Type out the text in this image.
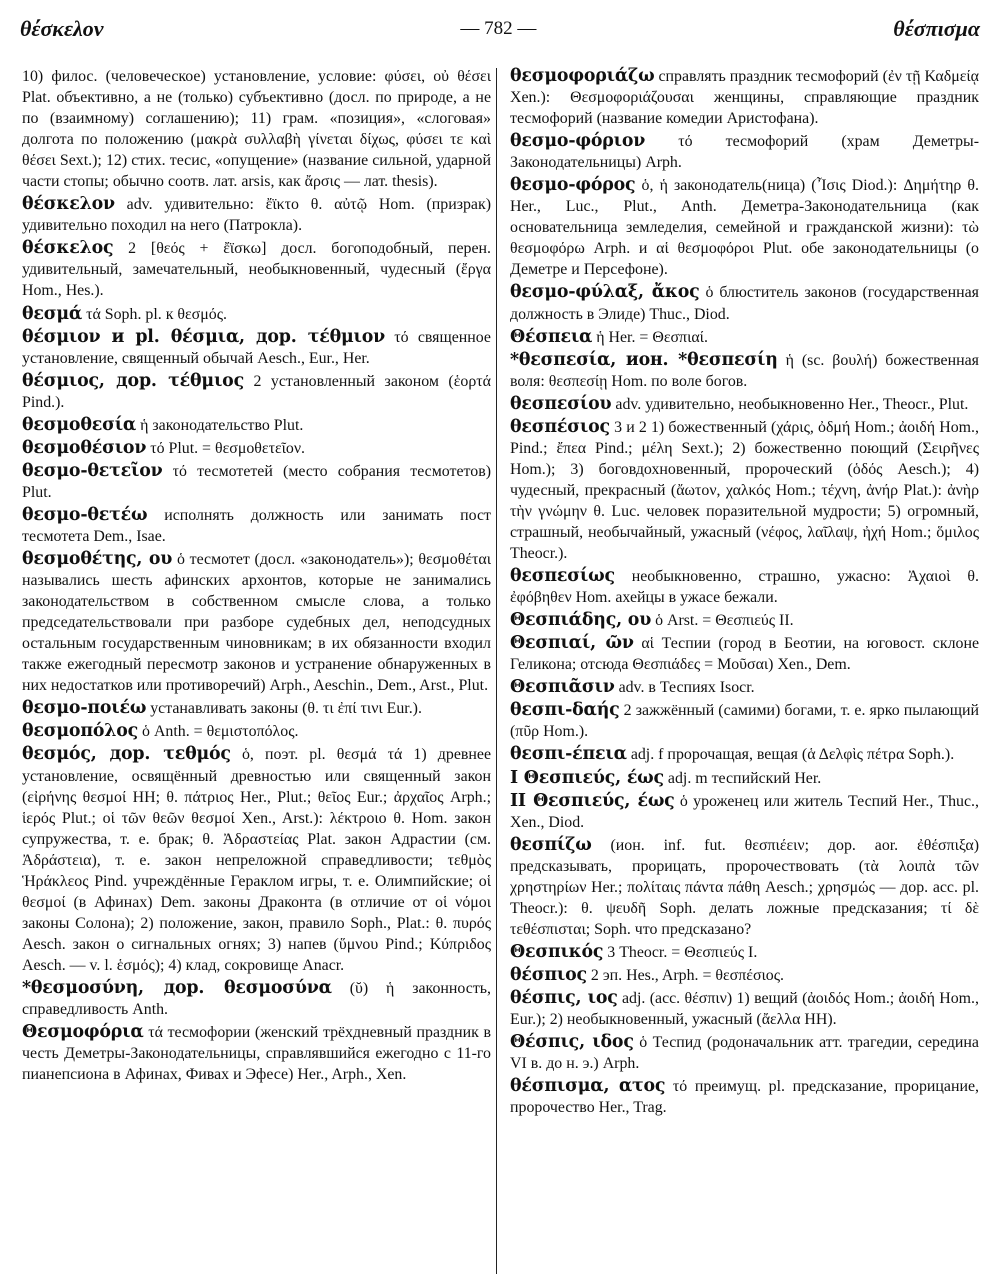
θέσκελον	— 782 —	θέσπισμα

10) филос. (человеческое) установление, условие: φύσει, οὐ θέσει Plat. объективно, а не (только) субъективно (досл. по природе, а не по (взаимному) соглашению); 11) грам. «позиция», «слоговая» долгота по положению (μακρὰ συλλαβὴ γίνεται δίχως, φύσει τε καὶ θέσει Sext.); 12) стих. тесис, «опущение» (название сильной, ударной части стопы; обычно соотв. лат. arsis, как ἄρσις — лат. thesis).

θέσκελον adv. удивительно: ἔϊκτο θ. αὐτῷ Hom. (призрак) удивительно походил на него (Патрокла).

θέσκελος 2 [θεός + ἔϊσκω] досл. богоподобный, перен. удивительный, замечательный, необыкновенный, чудесный (ἔργα Hom., Hes.).

θεσμά τά Soph. pl. к θεσμός.

θέσμιον и pl. θέσμια, дор. τέθμιον τό священное установление, священный обычай Aesch., Eur., Her.

θέσμιος, дор. τέθμιος 2 установленный законом (ἑορτά Pind.).

θεσμοθεσία ἡ законодательство Plut.

θεσμοθέσιον τό Plut. = θεσμοθετεῖον.

θεσμο-θετεῖον τό тесмотетей (место собрания тесмотетов) Plut.

θεσμο-θετέω исполнять должность или занимать пост тесмотета Dem., Isae.

θεσμοθέτης, ου ὁ тесмотет (досл. «законодатель»); θεσμοθέται назывались шесть афинских архонтов, которые не занимались законодательством в собственном смысле слова, а только председательствовали при разборе судебных дел, неподсудных остальным государственным чиновникам; в их обязанности входил также ежегодный пересмотр законов и устранение обнаруженных в них недостатков или противоречий) Arph., Aeschin., Dem., Arst., Plut.

θεσμο-ποιέω устанавливать законы (θ. τι ἐπί τινι Eur.).

θεσμοπόλος ὁ Anth. = θεμιστοπόλος.

θεσμός, дор. τεθμός ὁ, поэт. pl. θεσμά τά 1) древнее установление, освящённый древностью или священный закон (εἰρήνης θεσμοί HH; θ. πάτριος Her., Plut.; θεῖος Eur.; ἀρχαῖος Arph.; ἱερός Plut.; οἱ τῶν θεῶν θεσμοί Xen., Arst.): λέκτροιο θ. Hom. закон супружества, т. е. брак; θ. Ἀδραστείας Plat. закон Адрастии (см. Ἀδράστεια), т. е. закон непреложной справедливости; τεθμὸς Ἡράκλεος Pind. учреждённые Гераклом игры, т. е. Олимпийские; οἱ θεσμοί (в Афинах) Dem. законы Драконта (в отличие от οἱ νόμοι законы Солона); 2) положение, закон, правило Soph., Plat.: θ. πυρός Aesch. закон о сигнальных огнях; 3) напев (ὕμνου Pind.; Κύπριδος Aesch. — v. l. ἑσμός); 4) клад, сокровище Anacr.

*θεσμοσύνη, дор. θεσμοσύνα (ῠ) ἡ законность, справедливость Anth.

Θεσμοφόρια τά тесмофории (женский трёхдневный праздник в честь Деметры-Законодательницы, справлявшийся ежегодно с 11-го пианепсиона в Афинах, Фивах и Эфесе) Her., Arph., Xen.

θεσμοφοριάζω справлять праздник тесмофорий (ἐν τῇ Καδμείᾳ Xen.): Θεσμοφοριάζουσαι женщины, справляющие праздник тесмофорий (название комедии Аристофана).

θεσμο-φόριον τό тесмофорий (храм Деметры-Законодательницы) Arph.

θεσμο-φόρος ὁ, ἡ законодатель(ница) (Ἶσις Diod.): Δημήτηρ θ. Her., Luc., Plut., Anth. Деметра-Законодательница (как основательница земледелия, семейной и гражданской жизни): τὼ θεσμοφόρω Arph. и αἱ θεσμοφόροι Plut. обе законодательницы (о Деметре и Персефоне).

θεσμο-φύλαξ, ἄκος ὁ блюститель законов (государственная должность в Элиде) Thuc., Diod.

Θέσπεια ἡ Her. = Θεσπιαί.

*θεσπεσία, ион. *θεσπεσίη ἡ (sc. βουλή) божественная воля: θεσπεσίῃ Hom. по воле богов.

θεσπεσίου adv. удивительно, необыкновенно Her., Theocr., Plut.

θεσπέσιος 3 и 2 1) божественный (χάρις, ὀδμή Hom.; ἀοιδή Hom., Pind.; ἔπεα Pind.; μέλη Sext.); 2) божественно поющий (Σειρῆνες Hom.); 3) боговдохновенный, пророческий (ὁδός Aesch.); 4) чудесный, прекрасный (ἄωτον, χαλκός Hom.; τέχνη, ἀνήρ Plat.): ἀνὴρ τὴν γνώμην θ. Luc. человек поразительной мудрости; 5) огромный, страшный, необычайный, ужасный (νέφος, λαῖλαψ, ἠχή Hom.; ὅμιλος Theocr.).

θεσπεσίως необыкновенно, страшно, ужасно: Ἀχαιοὶ θ. ἐφόβηθεν Hom. ахейцы в ужасе бежали.

Θεσπιάδης, ου ὁ Arst. = Θεσπιεύς II.

Θεσπιαί, ῶν αἱ Теспии (город в Беотии, на юговост. склоне Геликона; отсюда Θεσπιάδες = Μοῦσαι) Xen., Dem.

Θεσπιᾶσιν adv. в Теспиях Isocr.

θεσπι-δαής 2 зажжённый (самими) богами, т. е. ярко пылающий (πῦρ Hom.).

θεσπι-έπεια adj. f пророчащая, вещая (ἁ Δελφὶς πέτρα Soph.).

I Θεσπιεύς, έως adj. m теспийский Her.

II Θεσπιεύς, έως ὁ уроженец или житель Теспий Her., Thuc., Xen., Diod.

θεσπίζω (ион. inf. fut. θεσπιέειν; дор. aor. ἐθέσπιξα) предсказывать, прорицать, пророчествовать (τὰ λοιπὰ τῶν χρηστηρίων Her.; πολίταις πάντα πάθη Aesch.; χρησμώς — дор. acc. pl. Theocr.): θ. ψευδῆ Soph. делать ложные предсказания; τί δὲ τεθέσπισται; Soph. что предсказано?

Θεσπικός 3 Theocr. = Θεσπιεύς I.

θέσπιος 2 эп. Hes., Arph. = θεσπέσιος.

θέσπις, ιος adj. (acc. θέσπιν) 1) вещий (ἀοιδός Hom.; ἀοιδή Hom., Eur.); 2) необыкновенный, ужасный (ἄελλα HH).

Θέσπις, ιδος ὁ Теспид (родоначальник атт. трагедии, середина VI в. до н. э.) Arph.

θέσπισμα, ατος τό преимущ. pl. предсказание, прорицание, пророчество Her., Trag.
